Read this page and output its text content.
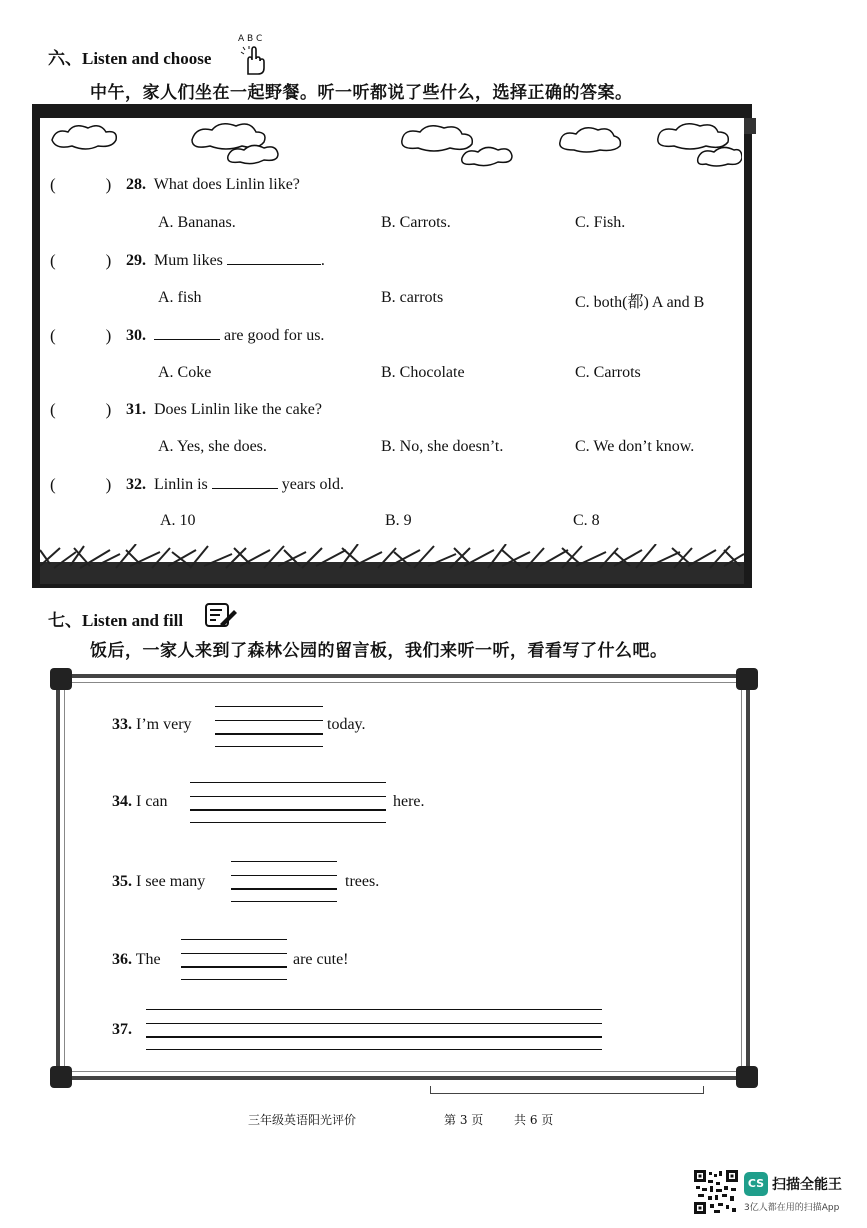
六、Listen and choose
A B C
中午，家人们坐在一起野餐。听一听都说了些什么，选择正确的答案。
(	) 28. What does Linlin like?
A. Bananas.	B. Carrots.	C. Fish.
(	) 29. Mum likes	.
A. fish	B. carrots	C. both(都) A and B
(	) 30.	are good for us.
A. Coke	B. Chocolate	C. Carrots
(	) 31. Does Linlin like the cake?
A. Yes, she does.	B. No, she doesn’t.	C. We don’t know.
(	) 32. Linlin is	years old.
A. 10	B. 9	C. 8
七、Listen and fill
饭后，一家人来到了森林公园的留言板，我们来听一听，看看写了什么吧。
33. I’m very	today.
34. I can	here.
35. I see many	trees.
36. The	are cute!
37.
三年级英语阳光评价	第 3 页	共 6 页
CS 扫描全能王
3亿人都在用的扫描App
